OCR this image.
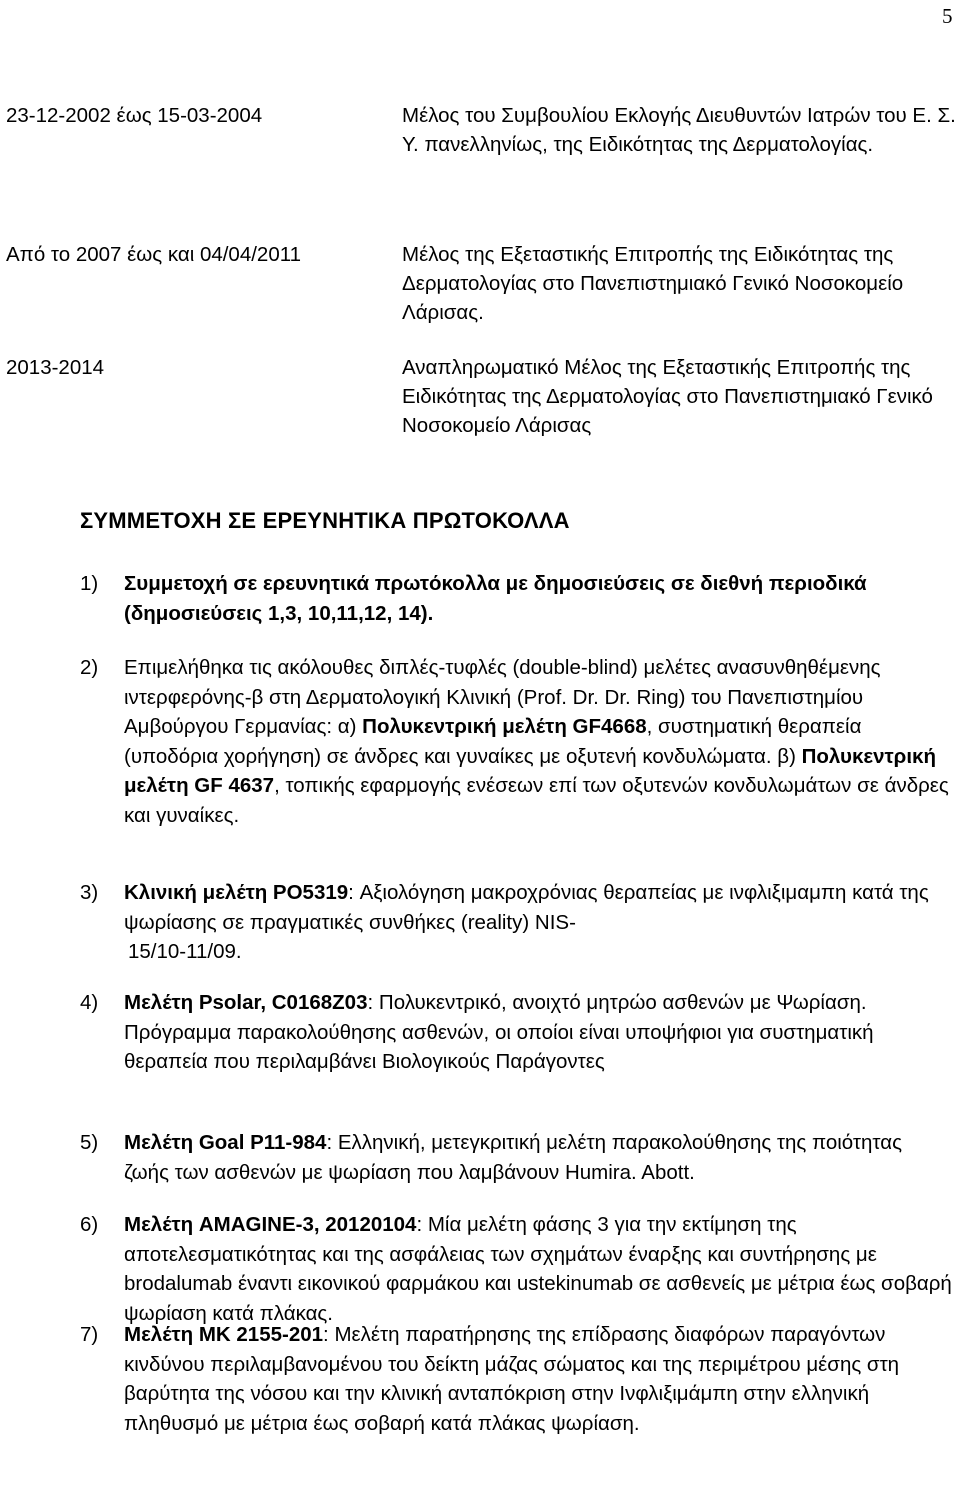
5
23-12-2002 έως 15-03-2004	Μέλος του Συμβουλίου Εκλογής Διευθυντών Ιατρών του Ε. Σ. Υ. πανελληνίως, της Ειδικότητας της Δερματολογίας.
Από το 2007 έως και 04/04/2011	Μέλος της Εξεταστικής Επιτροπής της Ειδικότητας της Δερματολογίας στο Πανεπιστημιακό Γενικό Νοσοκομείο Λάρισας.
2013-2014	Αναπληρωματικό Μέλος της Εξεταστικής Επιτροπής της Ειδικότητας της Δερματολογίας στο Πανεπιστημιακό Γενικό Νοσοκομείο Λάρισας
ΣΥΜΜΕΤΟΧΗ ΣΕ ΕΡΕΥΝΗΤΙΚΑ ΠΡΩΤΟΚΟΛΛΑ
1) Συμμετοχή σε ερευνητικά πρωτόκολλα με δημοσιεύσεις σε διεθνή περιοδικά (δημοσιεύσεις 1,3, 10,11,12, 14).
2) Επιμελήθηκα τις ακόλουθες διπλές-τυφλές (double-blind) μελέτες ανασυνθηθέμενης ιντερφερόνης-β στη Δερματολογική Κλινική (Prof. Dr. Dr. Ring) του Πανεπιστημίου Αμβούργου Γερμανίας: α) Πολυκεντρική μελέτη GF4668, συστηματική θεραπεία (υποδόρια χορήγηση) σε άνδρες και γυναίκες με οξυτενή κονδυλώματα. β) Πολυκεντρική μελέτη GF 4637, τοπικής εφαρμογής ενέσεων επί των οξυτενών κονδυλωμάτων σε άνδρες και γυναίκες.
3) Κλινική μελέτη PO5319: Αξιολόγηση μακροχρόνιας θεραπείας με ινφλιξιμαμπη κατά της ψωρίασης σε πραγματικές συνθήκες (reality) NIS-
15/10-11/09.
4) Μελέτη Psolar, C0168Z03: Πολυκεντρικό, ανοιχτό μητρώο ασθενών με Ψωρίαση. Πρόγραμμα παρακολούθησης ασθενών, οι οποίοι είναι υποψήφιοι για συστηματική θεραπεία που περιλαμβάνει Βιολογικούς Παράγοντες
5) Μελέτη Goal P11-984: Ελληνική, μετεγκριτική μελέτη παρακολούθησης της ποιότητας ζωής των ασθενών με ψωρίαση που λαμβάνουν Humira. Abott.
6) Μελέτη AMAGINE-3, 20120104: Μία μελέτη φάσης 3 για την εκτίμηση της αποτελεσματικότητας και της ασφάλειας των σχημάτων έναρξης και συντήρησης με brodalumab έναντι εικονικού φαρμάκου και ustekinumab σε ασθενείς με μέτρια έως σοβαρή ψωρίαση κατά πλάκας.
7) Μελέτη MK 2155-201: Μελέτη παρατήρησης της επίδρασης διαφόρων παραγόντων κινδύνου περιλαμβανομένου του δείκτη μάζας σώματος και της περιμέτρου μέσης στη βαρύτητα της νόσου και την κλινική ανταπόκριση στην Ινφλιξιμάμπη στην ελληνική πληθυσμό με μέτρια έως σοβαρή κατά πλάκας ψωρίαση.
